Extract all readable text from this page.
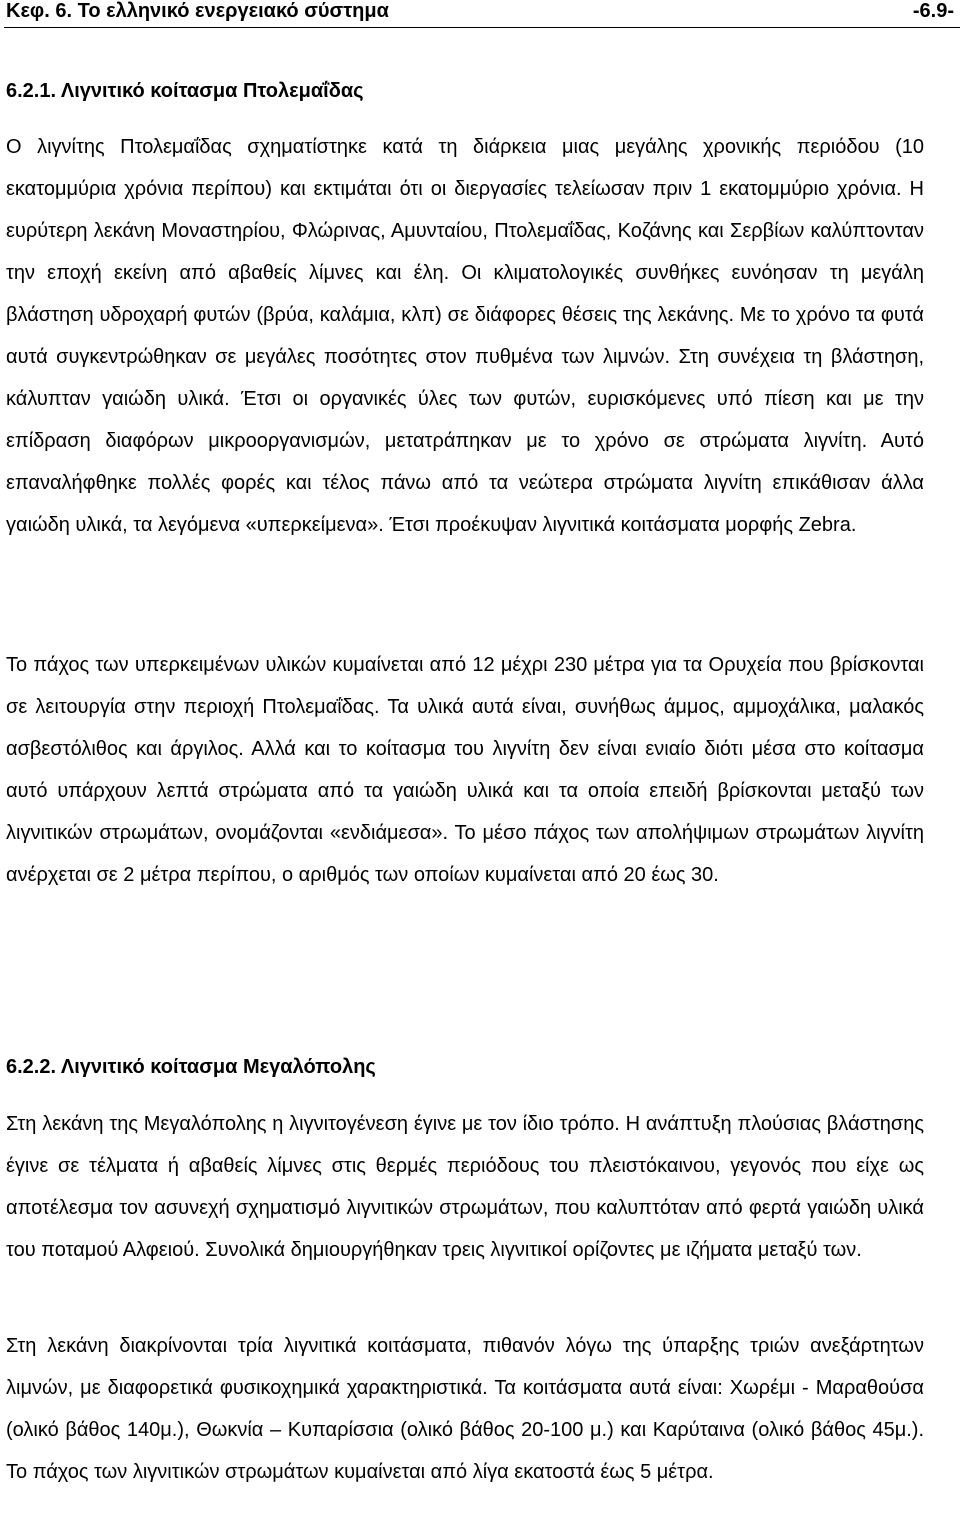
Κεφ. 6. Το ελληνικό ενεργειακό σύστημα	-6.9-
6.2.1. Λιγνιτικό κοίτασμα Πτολεμαΐδας

Ο λιγνίτης Πτολεμαΐδας σχηματίστηκε κατά τη διάρκεια μιας μεγάλης χρονικής περιόδου (10 εκατομμύρια χρόνια περίπου) και εκτιμάται ότι οι διεργασίες τελείωσαν πριν 1 εκατομμύριο χρόνια. Η ευρύτερη λεκάνη Μοναστηρίου, Φλώρινας, Αμυνταίου, Πτολεμαΐδας, Κοζάνης και Σερβίων καλύπτονταν την εποχή εκείνη από αβαθείς λίμνες και έλη. Οι κλιματολογικές συνθήκες ευνόησαν τη μεγάλη βλάστηση υδροχαρή φυτών (βρύα, καλάμια, κλπ) σε διάφορες θέσεις της λεκάνης. Με το χρόνο τα φυτά αυτά συγκεντρώθηκαν σε μεγάλες ποσότητες στον πυθμένα των λιμνών. Στη συνέχεια τη βλάστηση, κάλυπταν γαιώδη υλικά. Έτσι οι οργανικές ύλες των φυτών, ευρισκόμενες υπό πίεση και με την επίδραση διαφόρων μικροοργανισμών, μετατράπηκαν με το χρόνο σε στρώματα λιγνίτη. Αυτό επαναλήφθηκε πολλές φορές και τέλος πάνω από τα νεώτερα στρώματα λιγνίτη επικάθισαν άλλα γαιώδη υλικά, τα λεγόμενα «υπερκείμενα». Έτσι προέκυψαν λιγνιτικά κοιτάσματα μορφής Zebra.

Το πάχος των υπερκειμένων υλικών κυμαίνεται από 12 μέχρι 230 μέτρα για τα Ορυχεία που βρίσκονται σε λειτουργία στην περιοχή Πτολεμαΐδας. Τα υλικά αυτά είναι, συνήθως άμμος, αμμοχάλικα, μαλακός ασβεστόλιθος και άργιλος. Αλλά και το κοίτασμα του λιγνίτη δεν είναι ενιαίο διότι μέσα στο κοίτασμα αυτό υπάρχουν λεπτά στρώματα από τα γαιώδη υλικά και τα οποία επειδή βρίσκονται μεταξύ των λιγνιτικών στρωμάτων, ονομάζονται «ενδιάμεσα». Το μέσο πάχος των απολήψιμων στρωμάτων λιγνίτη ανέρχεται σε 2 μέτρα περίπου, ο αριθμός των οποίων κυμαίνεται από 20 έως 30.

6.2.2. Λιγνιτικό κοίτασμα Μεγαλόπολης

Στη λεκάνη της Μεγαλόπολης η λιγνιτογένεση έγινε με τον ίδιο τρόπο. Η ανάπτυξη πλούσιας βλάστησης έγινε σε τέλματα ή αβαθείς λίμνες στις θερμές περιόδους του πλειστόκαινου, γεγονός που είχε ως αποτέλεσμα τον ασυνεχή σχηματισμό λιγνιτικών στρωμάτων, που καλυπτόταν από φερτά γαιώδη υλικά του ποταμού Αλφειού. Συνολικά δημιουργήθηκαν τρεις λιγνιτικοί ορίζοντες με ιζήματα μεταξύ των.

Στη λεκάνη διακρίνονται τρία λιγνιτικά κοιτάσματα, πιθανόν λόγω της ύπαρξης τριών ανεξάρτητων λιμνών, με διαφορετικά φυσικοχημικά χαρακτηριστικά. Τα κοιτάσματα αυτά είναι: Χωρέμι - Μαραθούσα (ολικό βάθος 140μ.), Θωκνία – Κυπαρίσσια (ολικό βάθος 20-100 μ.) και Καρύταινα (ολικό βάθος 45μ.). Το πάχος των λιγνιτικών στρωμάτων κυμαίνεται από λίγα εκατοστά έως 5 μέτρα.
